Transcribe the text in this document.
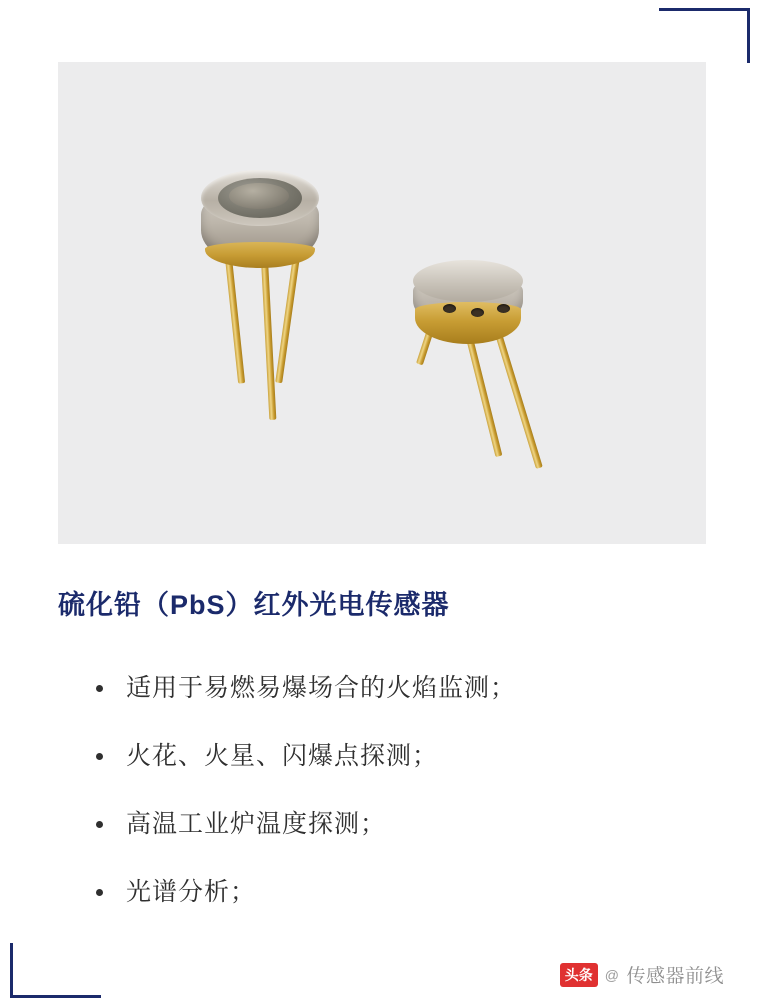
硫化铅（PbS）红外光电传感器
适用于易燃易爆场合的火焰监测；
火花、火星、闪爆点探测；
高温工业炉温度探测；
光谱分析；
头条 @ 传感器前线
